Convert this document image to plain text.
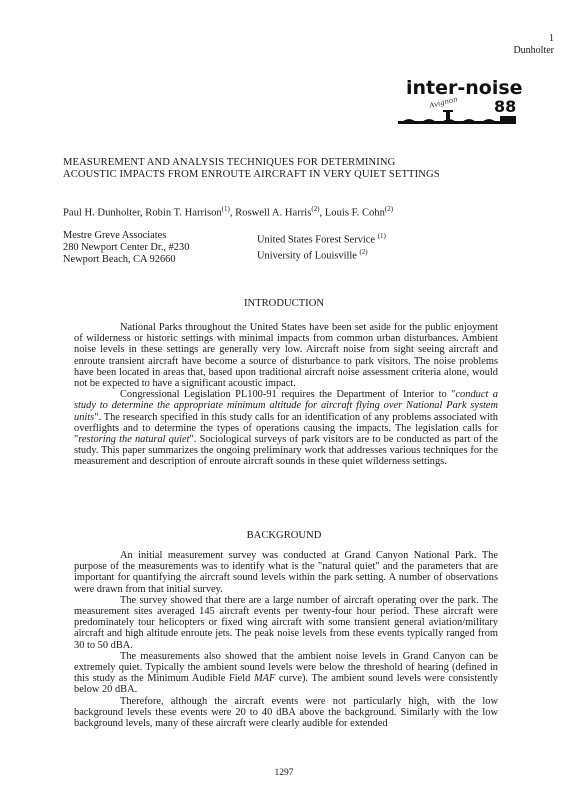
1
Dunholter
inter-noise
88
Avignon
MEASUREMENT AND ANALYSIS TECHNIQUES FOR DETERMINING
ACOUSTIC IMPACTS FROM ENROUTE AIRCRAFT IN VERY QUIET SETTINGS
Paul H. Dunholter, Robin T. Harrison$^{(1)}$, Roswell A. Harris$^{(2)}$, Louis F. Cohn$^{(2)}$
Mestre Greve Associates
280 Newport Center Dr., #230
Newport Beach, CA 92660
United States Forest Service $^{(1)}$
University of Louisville $^{(2)}$
INTRODUCTION

National Parks throughout the United States have been set aside for the public enjoyment of wilderness or historic settings with minimal impacts from common urban disturbances. Ambient noise levels in these settings are generally very low. Aircraft noise from sight seeing aircraft and enroute transient aircraft have become a source of disturbance to park visitors. The noise problems have been located in areas that, based upon traditional aircraft noise assessment criteria alone, would not be expected to have a significant acoustic impact.

Congressional Legislation PL100-91 requires the Department of Interior to "conduct a study to determine the appropriate minimum altitude for aircraft flying over National Park system units". The research specified in this study calls for an identification of any problems associated with overflights and to determine the types of operations causing the impacts. The legislation calls for "restoring the natural quiet". Sociological surveys of park visitors are to be conducted as part of the study. This paper summarizes the ongoing preliminary work that addresses various techniques for the measurement and description of enroute aircraft sounds in these quiet wilderness settings.

BACKGROUND

An initial measurement survey was conducted at Grand Canyon National Park. The purpose of the measurements was to identify what is the "natural quiet" and the parameters that are important for quantifying the aircraft sound levels within the park setting. A number of observations were drawn from that initial survey.

The survey showed that there are a large number of aircraft operating over the park. The measurement sites averaged 145 aircraft events per twenty-four hour period. These aircraft were predominately tour helicopters or fixed wing aircraft with some transient general aviation/military aircraft and high altitude enroute jets. The peak noise levels from these events typically ranged from 30 to 50 dBA.

The measurements also showed that the ambient noise levels in Grand Canyon can be extremely quiet. Typically the ambient sound levels were below the threshold of hearing (defined in this study as the Minimum Audible Field MAF curve). The ambient sound levels were consistently below 20 dBA.

Therefore, although the aircraft events were not particularly high, with the low background levels these events were 20 to 40 dBA above the background. Similarly with the low background levels, many of these aircraft were clearly audible for extended

1297
